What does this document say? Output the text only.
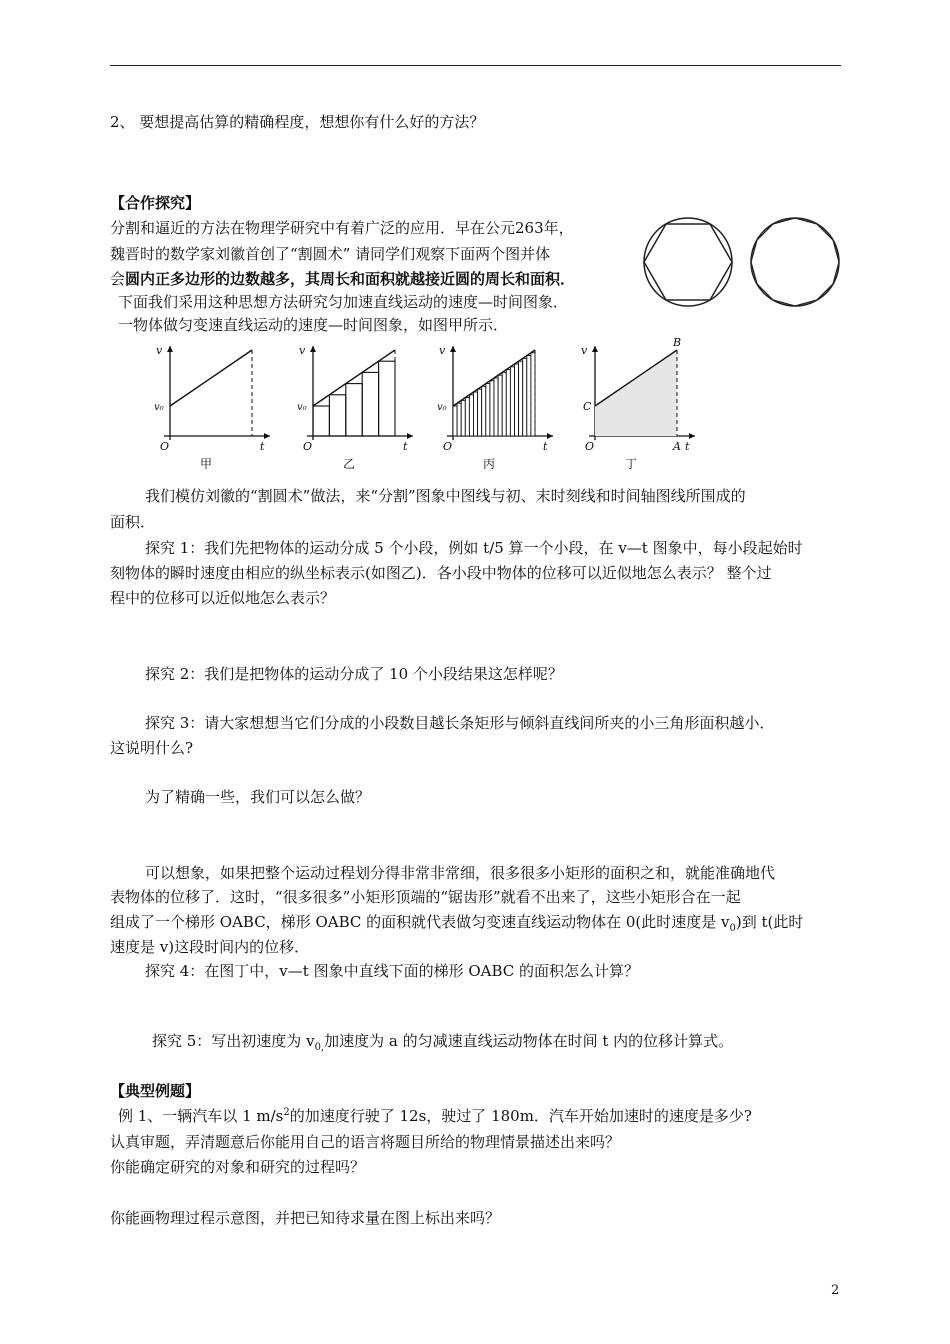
2、 要想提高估算的精确程度，想想你有什么好的方法？
【合作探究】
分割和逼近的方法在物理学研究中有着广泛的应用．早在公元263年，
魏晋时的数学家刘徽首创了“割圆术” 请同学们观察下面两个图并体
会圆内正多边形的边数越多，其周长和面积就越接近圆的周长和面积．
下面我们采用这种思想方法研究匀加速直线运动的速度—时间图象．
一物体做匀变速直线运动的速度—时间图象，如图甲所示．
v
O	t
甲
v₀
v
O	t
乙
v₀
v
O	t
丙
v₀
v
O	t
丁
C
B
A
我们模仿刘徽的“割圆术”做法，来“分割”图象中图线与初、末时刻线和时间轴图线所围成的
面积．
探究 1：我们先把物体的运动分成 5 个小段，例如 t/5 算一个小段，在 v—t 图象中，每小段起始时
刻物体的瞬时速度由相应的纵坐标表示(如图乙)．各小段中物体的位移可以近似地怎么表示？ 整个过
程中的位移可以近似地怎么表示？
探究 2：我们是把物体的运动分成了 10 个小段结果这怎样呢？
探究 3：请大家想想当它们分成的小段数目越长条矩形与倾斜直线间所夹的小三角形面积越小．
这说明什么?
为了精确一些，我们可以怎么做？
可以想象，如果把整个运动过程划分得非常非常细，很多很多小矩形的面积之和，就能准确地代
表物体的位移了．这时，“很多很多”小矩形顶端的“锯齿形”就看不出来了，这些小矩形合在一起
组成了一个梯形 OABC，梯形 OABC 的面积就代表做匀变速直线运动物体在 0(此时速度是 $v_0$)到 t(此时
速度是 v)这段时间内的位移．
探究 4：在图丁中，v—t 图象中直线下面的梯形 OABC 的面积怎么计算？
探究 5：写出初速度为 $v_{0,}$加速度为 a 的匀减速直线运动物体在时间 t 内的位移计算式。
【典型例题】
例 1、一辆汽车以 1 $m/s^2$的加速度行驶了 12s，驶过了 180m．汽车开始加速时的速度是多少?
认真审题，弄清题意后你能用自己的语言将题目所给的物理情景描述出来吗？
你能确定研究的对象和研究的过程吗？
你能画物理过程示意图，并把已知待求量在图上标出来吗？
2
